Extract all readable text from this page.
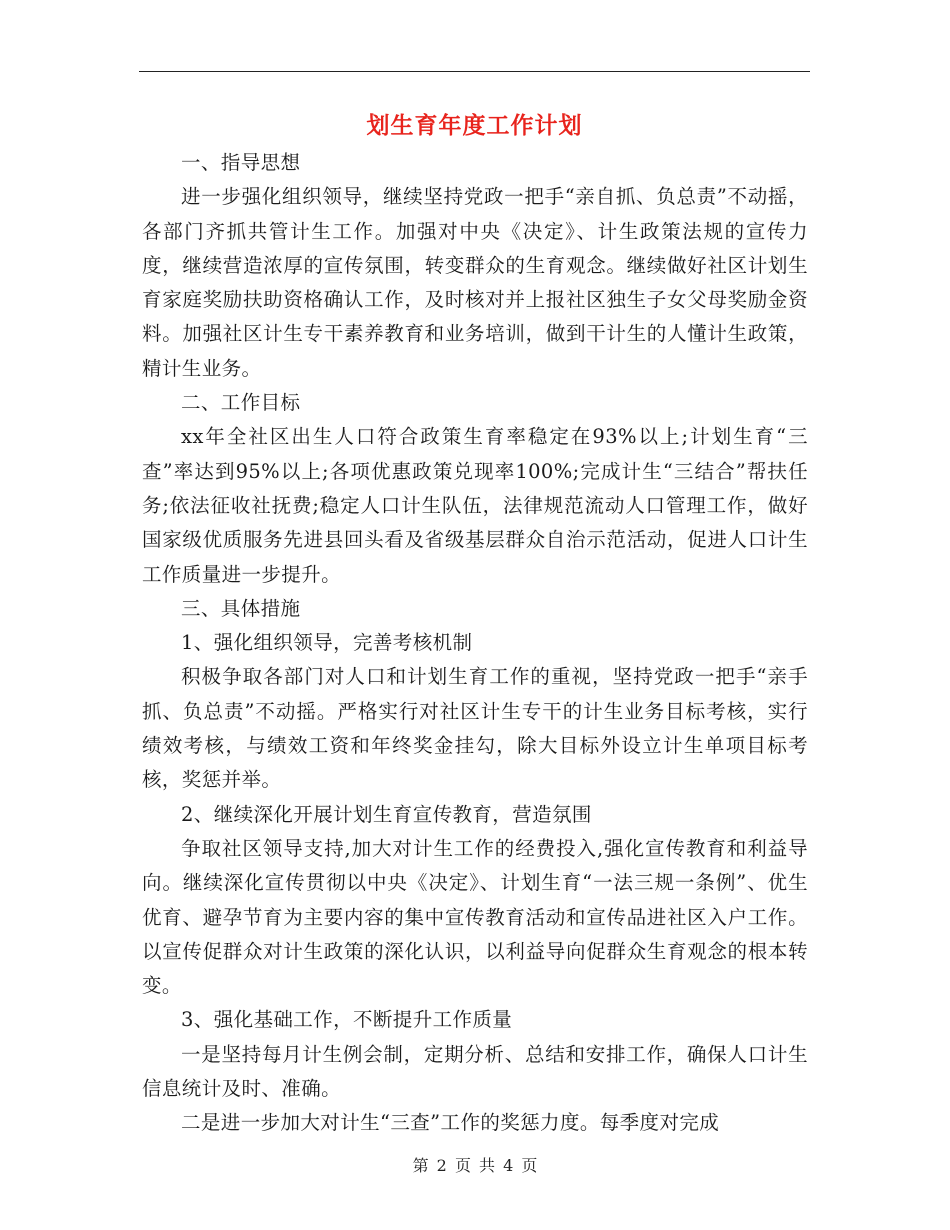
划生育年度工作计划

一、指导思想

进一步强化组织领导，继续坚持党政一把手“亲自抓、负总责”不动摇，各部门齐抓共管计生工作。加强对中央《决定》、计生政策法规的宣传力度，继续营造浓厚的宣传氛围，转变群众的生育观念。继续做好社区计划生育家庭奖励扶助资格确认工作，及时核对并上报社区独生子女父母奖励金资料。加强社区计生专干素养教育和业务培训，做到干计生的人懂计生政策，精计生业务。

二、工作目标

xx年全社区出生人口符合政策生育率稳定在93%以上;计划生育“三查”率达到95%以上;各项优惠政策兑现率100%;完成计生“三结合”帮扶任务;依法征收社抚费;稳定人口计生队伍，法律规范流动人口管理工作，做好国家级优质服务先进县回头看及省级基层群众自治示范活动，促进人口计生工作质量进一步提升。

三、具体措施

1、强化组织领导，完善考核机制

积极争取各部门对人口和计划生育工作的重视，坚持党政一把手“亲手抓、负总责”不动摇。严格实行对社区计生专干的计生业务目标考核，实行绩效考核，与绩效工资和年终奖金挂勾，除大目标外设立计生单项目标考核，奖惩并举。

2、继续深化开展计划生育宣传教育，营造氛围

争取社区领导支持,加大对计生工作的经费投入,强化宣传教育和利益导向。继续深化宣传贯彻以中央《决定》、计划生育“一法三规一条例”、优生优育、避孕节育为主要内容的集中宣传教育活动和宣传品进社区入户工作。以宣传促群众对计生政策的深化认识，以利益导向促群众生育观念的根本转变。

3、强化基础工作，不断提升工作质量

一是坚持每月计生例会制，定期分析、总结和安排工作，确保人口计生信息统计及时、准确。

二是进一步加大对计生“三查”工作的奖惩力度。每季度对完成

第 2 页 共 4 页
